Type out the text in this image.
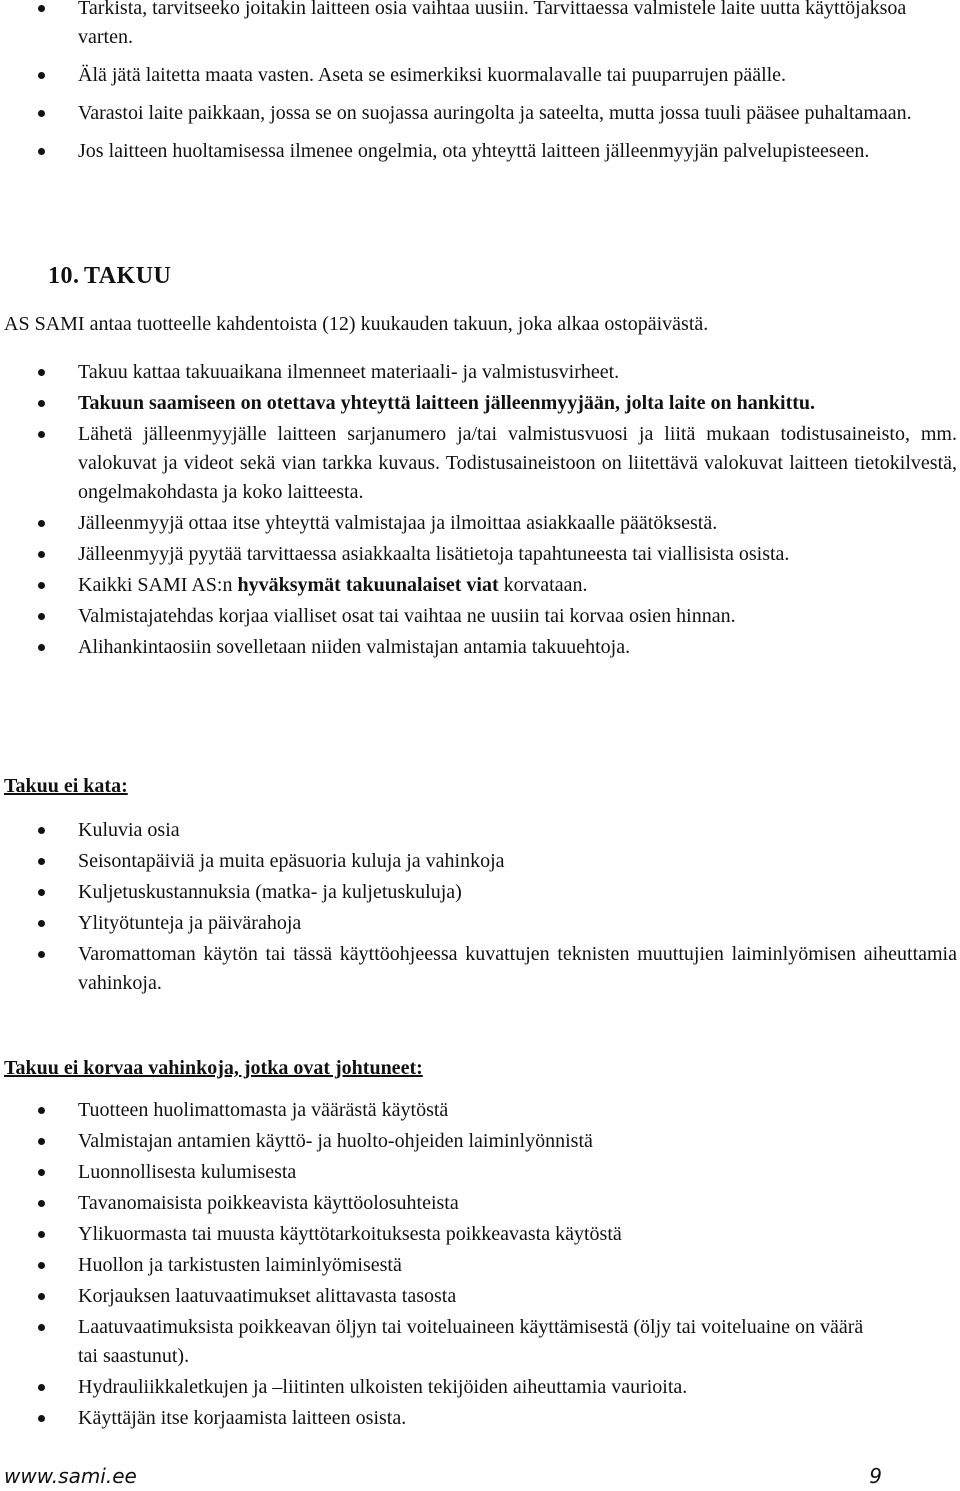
Tarkista, tarvitseeko joitakin laitteen osia vaihtaa uusiin. Tarvittaessa valmistele laite uutta käyttöjaksoa varten.
Älä jätä laitetta maata vasten. Aseta se esimerkiksi kuormalavalle tai puuparrujen päälle.
Varastoi laite paikkaan, jossa se on suojassa auringolta ja sateelta, mutta jossa tuuli pääsee puhaltamaan.
Jos laitteen huoltamisessa ilmenee ongelmia, ota yhteyttä laitteen jälleenmyyjän palvelupisteeseen.
10. TAKUU
AS SAMI antaa tuotteelle kahdentoista (12) kuukauden takuun, joka alkaa ostopäivästä.
Takuu kattaa takuuaikana ilmenneet materiaali- ja valmistusvirheet.
Takuun saamiseen on otettava yhteyttä laitteen jälleenmyyjään, jolta laite on hankittu.
Lähetä jälleenmyyjälle laitteen sarjanumero ja/tai valmistusvuosi ja liitä mukaan todistusaineisto, mm. valokuvat ja videot sekä vian tarkka kuvaus. Todistusaineistoon on liitettävä valokuvat laitteen tietokilvestä, ongelmakohdasta ja koko laitteesta.
Jälleenmyyjä ottaa itse yhteyttä valmistajaa ja ilmoittaa asiakkaalle päätöksestä.
Jälleenmyyjä pyytää tarvittaessa asiakkaalta lisätietoja tapahtuneesta tai viallisista osista.
Kaikki SAMI AS:n hyväksymät takuunalaiset viat korvataan.
Valmistajatehdas korjaa vialliset osat tai vaihtaa ne uusiin tai korvaa osien hinnan.
Alihankintaosiin sovelletaan niiden valmistajan antamia takuuehtoja.
Takuu ei kata:
Kuluvia osia
Seisontapäiviä ja muita epäsuoria kuluja ja vahinkoja
Kuljetuskustannuksia (matka- ja kuljetuskuluja)
Ylityötunteja ja päivärahoja
Varomattoman käytön tai tässä käyttöohjeessa kuvattujen teknisten muuttujien laiminlyömisen aiheuttamia vahinkoja.
Takuu ei korvaa vahinkoja, jotka ovat johtuneet:
Tuotteen huolimattomasta ja väärästä käytöstä
Valmistajan antamien käyttö- ja huolto-ohjeiden laiminlyönnistä
Luonnollisesta kulumisesta
Tavanomaisista poikkeavista käyttöolosuhteista
Ylikuormasta tai muusta käyttötarkoituksesta poikkeavasta käytöstä
Huollon ja tarkistusten laiminlyömisestä
Korjauksen laatuvaatimukset alittavasta tasosta
Laatuvaatimuksista poikkeavan öljyn tai voiteluaineen käyttämisestä (öljy tai voiteluaine on väärä tai saastunut).
Hydrauliikkaletkujen ja –liitinten ulkoisten tekijöiden aiheuttamia vaurioita.
Käyttäjän itse korjaamista laitteen osista.
www.sami.ee	9
